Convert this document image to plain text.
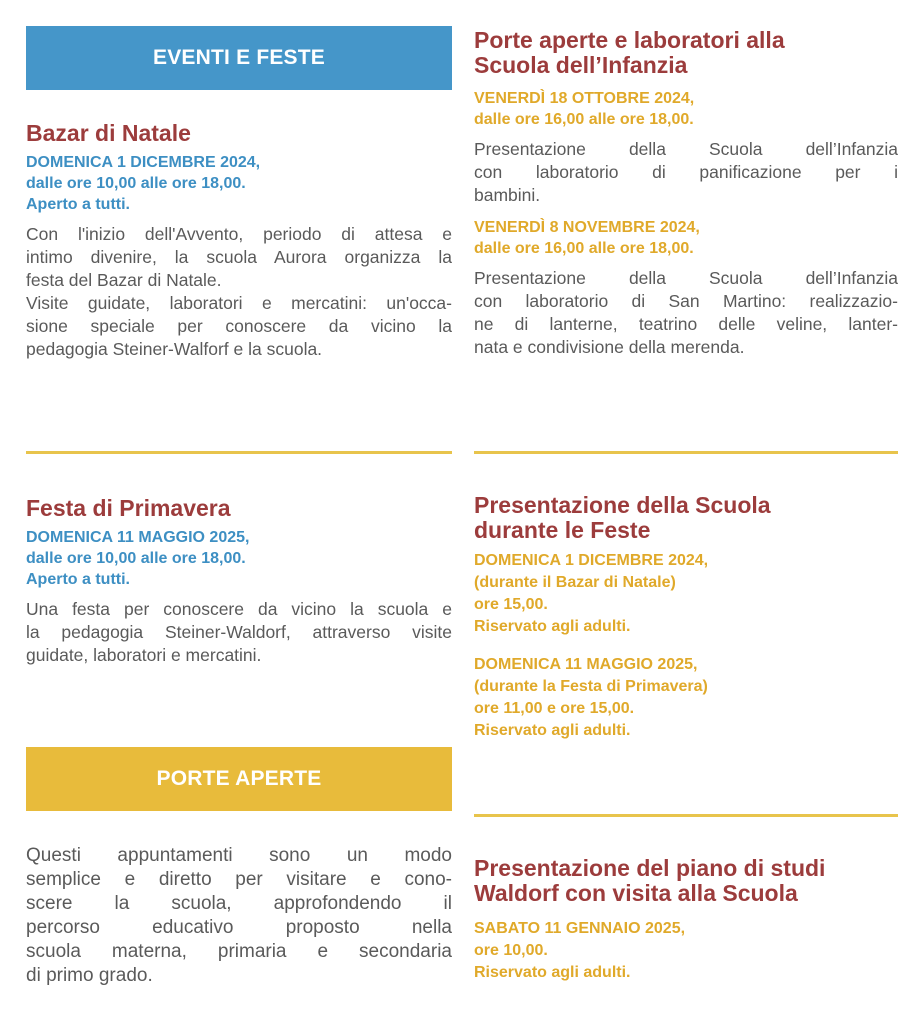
EVENTI E FESTE
Bazar di Natale
DOMENICA 1 DICEMBRE 2024,
dalle ore 10,00 alle ore 18,00.
Aperto a tutti.
Con l'inizio dell'Avvento, periodo di attesa e
intimo divenire, la scuola Aurora organizza la
festa del Bazar di Natale.
Visite guidate, laboratori e mercatini: un'occa-
sione speciale per conoscere da vicino la
pedagogia Steiner-Walforf e la scuola.
Festa di Primavera
DOMENICA 11 MAGGIO 2025,
dalle ore 10,00 alle ore 18,00.
Aperto a tutti.
Una festa per conoscere da vicino la scuola e
la pedagogia Steiner-Waldorf, attraverso visite
guidate, laboratori e mercatini.
PORTE APERTE
Questi appuntamenti sono un modo
semplice e diretto per visitare e cono-
scere la scuola, approfondendo il
percorso educativo proposto nella
scuola materna, primaria e secondaria
di primo grado.
Porte aperte e laboratori alla
Scuola dell’Infanzia
VENERDÌ 18 OTTOBRE 2024,
dalle ore 16,00 alle ore 18,00.
Presentazione della Scuola dell’Infanzia
con laboratorio di panificazione per i
bambini.
VENERDÌ 8 NOVEMBRE 2024,
dalle ore 16,00 alle ore 18,00.
Presentazione della Scuola dell’Infanzia
con laboratorio di San Martino: realizzazio-
ne di lanterne, teatrino delle veline, lanter-
nata e condivisione della merenda.
Presentazione della Scuola
durante le Feste
DOMENICA 1 DICEMBRE 2024,
(durante il Bazar di Natale)
ore 15,00.
Riservato agli adulti.
DOMENICA 11 MAGGIO 2025,
(durante la Festa di Primavera)
ore 11,00 e ore 15,00.
Riservato agli adulti.
Presentazione del piano di studi
Waldorf con visita alla Scuola
SABATO 11 GENNAIO 2025,
ore 10,00.
Riservato agli adulti.
